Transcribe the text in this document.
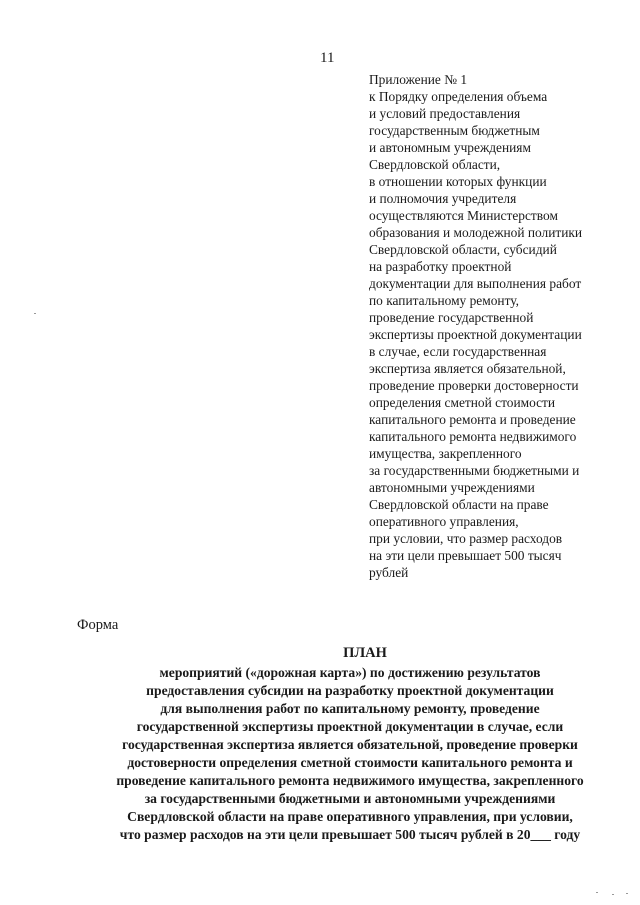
11
Приложение № 1
к Порядку определения объема
и условий предоставления
государственным бюджетным
и автономным учреждениям
Свердловской области,
в отношении которых функции
и полномочия учредителя
осуществляются Министерством
образования и молодежной политики
Свердловской области, субсидий
на разработку проектной
документации для выполнения работ
по капитальному ремонту,
проведение государственной
экспертизы проектной документации
в случае, если государственная
экспертиза является обязательной,
проведение проверки достоверности
определения сметной стоимости
капитального ремонта и проведение
капитального ремонта недвижимого
имущества, закрепленного
за государственными бюджетными и
автономными учреждениями
Свердловской области на праве
оперативного управления,
при условии, что размер расходов
на эти цели превышает 500 тысяч
рублей
Форма
ПЛАН
мероприятий («дорожная карта») по достижению результатов
предоставления субсидии на разработку проектной документации
для выполнения работ по капитальному ремонту, проведение
государственной экспертизы проектной документации в случае, если
государственная экспертиза является обязательной, проведение проверки
достоверности определения сметной стоимости капитального ремонта и
проведение капитального ремонта недвижимого имущества, закрепленного
за государственными бюджетными и автономными учреждениями
Свердловской области на праве оперативного управления, при условии,
что размер расходов на эти цели превышает 500 тысяч рублей в 20___ году
